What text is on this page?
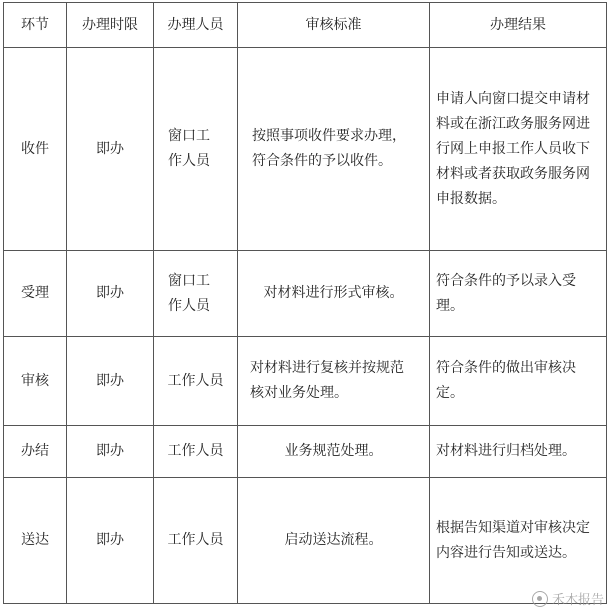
环节	办理时限	办理人员	审核标准	办理结果
收件	即办	窗口工作人员	按照事项收件要求办理，符合条件的予以收件。	申请人向窗口提交申请材料或在浙江政务服务网进行网上申报工作人员收下材料或者获取政务服务网申报数据。
受理	即办	窗口工作人员	对材料进行形式审核。	符合条件的予以录入受理。
审核	即办	工作人员	对材料进行复核并按规范核对业务处理。	符合条件的做出审核决定。
办结	即办	工作人员	业务规范处理。	对材料进行归档处理。
送达	即办	工作人员	启动送达流程。	根据告知渠道对审核决定内容进行告知或送达。
禾木报告
